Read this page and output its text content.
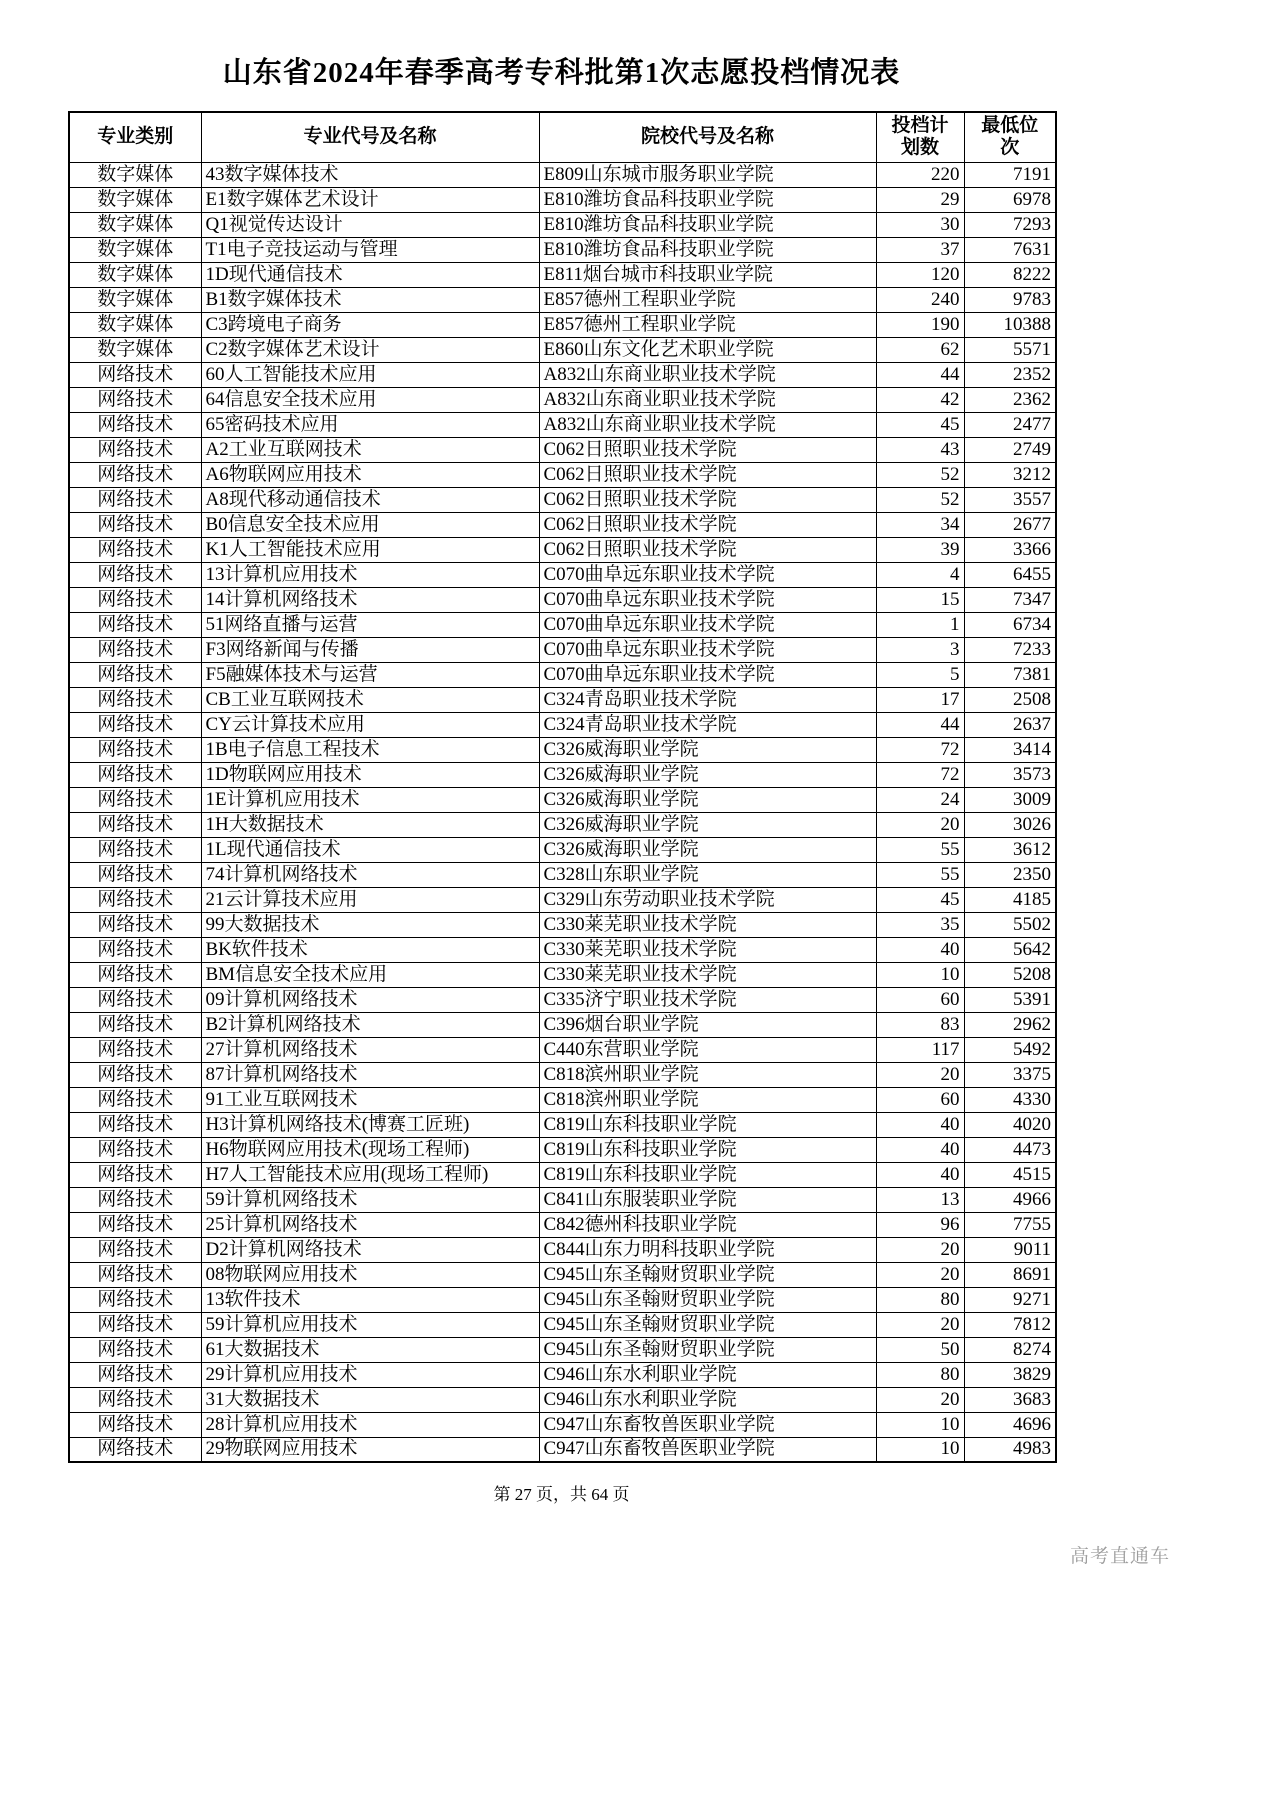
山东省2024年春季高考专科批第1次志愿投档情况表
专业类别	专业代号及名称	院校代号及名称	投档计划数	最低位次
数字媒体	43数字媒体技术	E809山东城市服务职业学院	220	7191
数字媒体	E1数字媒体艺术设计	E810潍坊食品科技职业学院	29	6978
数字媒体	Q1视觉传达设计	E810潍坊食品科技职业学院	30	7293
数字媒体	T1电子竞技运动与管理	E810潍坊食品科技职业学院	37	7631
数字媒体	1D现代通信技术	E811烟台城市科技职业学院	120	8222
数字媒体	B1数字媒体技术	E857德州工程职业学院	240	9783
数字媒体	C3跨境电子商务	E857德州工程职业学院	190	10388
数字媒体	C2数字媒体艺术设计	E860山东文化艺术职业学院	62	5571
网络技术	60人工智能技术应用	A832山东商业职业技术学院	44	2352
网络技术	64信息安全技术应用	A832山东商业职业技术学院	42	2362
网络技术	65密码技术应用	A832山东商业职业技术学院	45	2477
网络技术	A2工业互联网技术	C062日照职业技术学院	43	2749
网络技术	A6物联网应用技术	C062日照职业技术学院	52	3212
网络技术	A8现代移动通信技术	C062日照职业技术学院	52	3557
网络技术	B0信息安全技术应用	C062日照职业技术学院	34	2677
网络技术	K1人工智能技术应用	C062日照职业技术学院	39	3366
网络技术	13计算机应用技术	C070曲阜远东职业技术学院	4	6455
网络技术	14计算机网络技术	C070曲阜远东职业技术学院	15	7347
网络技术	51网络直播与运营	C070曲阜远东职业技术学院	1	6734
网络技术	F3网络新闻与传播	C070曲阜远东职业技术学院	3	7233
网络技术	F5融媒体技术与运营	C070曲阜远东职业技术学院	5	7381
网络技术	CB工业互联网技术	C324青岛职业技术学院	17	2508
网络技术	CY云计算技术应用	C324青岛职业技术学院	44	2637
网络技术	1B电子信息工程技术	C326威海职业学院	72	3414
网络技术	1D物联网应用技术	C326威海职业学院	72	3573
网络技术	1E计算机应用技术	C326威海职业学院	24	3009
网络技术	1H大数据技术	C326威海职业学院	20	3026
网络技术	1L现代通信技术	C326威海职业学院	55	3612
网络技术	74计算机网络技术	C328山东职业学院	55	2350
网络技术	21云计算技术应用	C329山东劳动职业技术学院	45	4185
网络技术	99大数据技术	C330莱芜职业技术学院	35	5502
网络技术	BK软件技术	C330莱芜职业技术学院	40	5642
网络技术	BM信息安全技术应用	C330莱芜职业技术学院	10	5208
网络技术	09计算机网络技术	C335济宁职业技术学院	60	5391
网络技术	B2计算机网络技术	C396烟台职业学院	83	2962
网络技术	27计算机网络技术	C440东营职业学院	117	5492
网络技术	87计算机网络技术	C818滨州职业学院	20	3375
网络技术	91工业互联网技术	C818滨州职业学院	60	4330
网络技术	H3计算机网络技术(博赛工匠班)	C819山东科技职业学院	40	4020
网络技术	H6物联网应用技术(现场工程师)	C819山东科技职业学院	40	4473
网络技术	H7人工智能技术应用(现场工程师)	C819山东科技职业学院	40	4515
网络技术	59计算机网络技术	C841山东服装职业学院	13	4966
网络技术	25计算机网络技术	C842德州科技职业学院	96	7755
网络技术	D2计算机网络技术	C844山东力明科技职业学院	20	9011
网络技术	08物联网应用技术	C945山东圣翰财贸职业学院	20	8691
网络技术	13软件技术	C945山东圣翰财贸职业学院	80	9271
网络技术	59计算机应用技术	C945山东圣翰财贸职业学院	20	7812
网络技术	61大数据技术	C945山东圣翰财贸职业学院	50	8274
网络技术	29计算机应用技术	C946山东水利职业学院	80	3829
网络技术	31大数据技术	C946山东水利职业学院	20	3683
网络技术	28计算机应用技术	C947山东畜牧兽医职业学院	10	4696
网络技术	29物联网应用技术	C947山东畜牧兽医职业学院	10	4983
第 27 页，共 64 页
高考直通车
